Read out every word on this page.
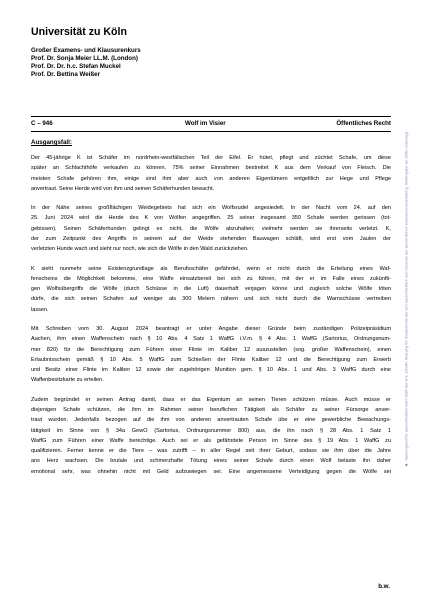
Universität zu Köln
Großer Examens- und Klausurenkurs
Prof. Dr. Sonja Meier LL.M. (London)
Prof. Dr. Dr. h.c. Stefan Muckel
Prof. Dr. Bettina Weißer
C – 946	Wolf im Visier	Öffentliches Recht
Ausgangsfall:

Der 45-jährige K ist Schäfer im nordrhein-westfälischen Teil der Eifel. Er hütet, pflegt und züchtet Schafe, um diese
später an Schlachthöfe verkaufen zu können. 75% seiner Einnahmen bestreitet K aus dem Verkauf von Fleisch. Die
meisten Schafe gehören ihm, einige sind ihm aber auch von anderen Eigentümern entgeltlich zur Hege und Pflege
anvertraut. Seine Herde wird von ihm und seinen Schäferhunden bewacht.

In der Nähe seines großflächigen Weidegebiets hat sich ein Wolfsrudel angesiedelt. In der Nacht vom 24. auf den
25. Juni 2024 wird die Herde des K von Wölfen angegriffen. 25 seiner insgesamt 350 Schafe werden gerissen (tot-
gebissen). Seinen Schäferhunden gelingt es nicht, die Wölfe abzuhalten; vielmehr werden sie ihrerseits verletzt. K,
der zum Zeitpunkt des Angriffs in seinem auf der Weide stehenden Bauwagen schläft, wird erst vom Jaulen der
verletzten Hunde wach und sieht nur noch, wie sich die Wölfe in den Wald zurückziehen.

K sieht nunmehr seine Existenzgrundlage als Berufsschäfer gefährdet, wenn er nicht durch die Erteilung eines Waf-
fenscheins die Möglichkeit bekomme, eine Waffe einsatzbereit bei sich zu führen, mit der er im Falle eines zukünfti-
gen Wolfsübergriffs die Wölfe (durch Schüsse in die Luft) dauerhaft verjagen könne und zugleich solche Wölfe töten
dürfe, die sich seinen Schafen auf weniger als 300 Metern nähern und sich nicht durch die Warnschüsse vertreiben
lassen.

Mit Schreiben vom 30. August 2024 beantragt er unter Angabe dieser Gründe beim zuständigen Polizeipräsidium
Aachen, ihm einen Waffenschein nach § 10 Abs. 4 Satz 1 WaffG i.V.m. § 4 Abs. 1 WaffG (Sartorius, Ordnungsnum-
mer 820) für die Berechtigung zum Führen einer Flinte im Kaliber 12 auszustellen (sog. großer Waffenschein), einen
Erlaubnisschein gemäß § 10 Abs. 5 WaffG zum Schießen der Flinte Kaliber 12 und die Berechtigung zum Erwerb
und Besitz einer Flinte im Kaliber 12 sowie der zugehörigen Munition gem. § 10 Abs. 1 und Abs. 3 WaffG durch eine
Waffenbesitzkarte zu erteilen.

Zudem begründet er seinen Antrag damit, dass er das Eigentum an seinen Tieren schützen müsse. Auch müsse er
diejenigen Schafe schützen, die ihm im Rahmen seiner beruflichen Tätigkeit als Schäfer zu seiner Fürsorge anver-
traut wurden. Jedenfalls bezogen auf die ihm von anderen anvertrauten Schafe übe er eine gewerbliche Bewachungs-
tätigkeit im Sinne von § 34a GewO (Sartorius, Ordnungsnummer 800) aus, die ihn nach § 28 Abs. 1 Satz 1
WaffG zum Führen einer Waffe berechtige. Auch sei er als gefährdete Person im Sinne des § 19 Abs. 1 WaffG zu
qualifizieren. Ferner kenne er die Tiere – was zutrifft – in aller Regel seit ihrer Geburt, sodass sie ihm über die Jahre
ans Herz wachsen. Die brutale und schmerzhafte Tötung eines seiner Schafe durch einen Wolf belaste ihn daher
emotional sehr, was ohnehin nicht mit Geld aufzuwiegen sei. Eine angemessene Verteidigung gegen die Wölfe sei

b.w.
◀Nutzungsrechte ausschließlich beim SBR der Uni. Erteilte Nutzung für Studierende der Uni ausschließlich zum Zwecke der persönlichen Examensvorbereitung. Weitergabe an Dritte untersagt.
